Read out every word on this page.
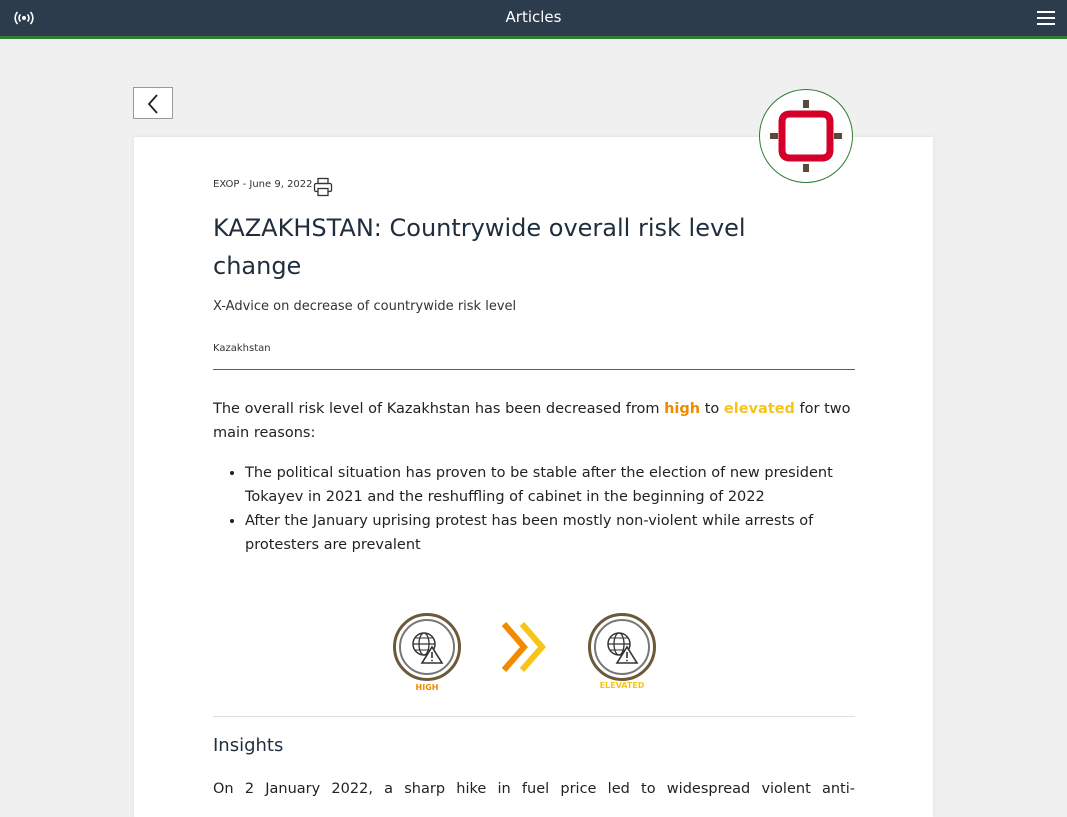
Articles
EXOP - June 9, 2022
KAZAKHSTAN: Countrywide overall risk level change
X-Advice on decrease of countrywide risk level
Kazakhstan
The overall risk level of Kazakhstan has been decreased from high to elevated for two main reasons:
• The political situation has proven to be stable after the election of new president Tokayev in 2021 and the reshuffling of cabinet in the beginning of 2022
• After the January uprising protest has been mostly non-violent while arrests of protesters are prevalent
HIGH	ELEVATED
Insights
On 2 January 2022, a sharp hike in fuel price led to widespread violent anti-
